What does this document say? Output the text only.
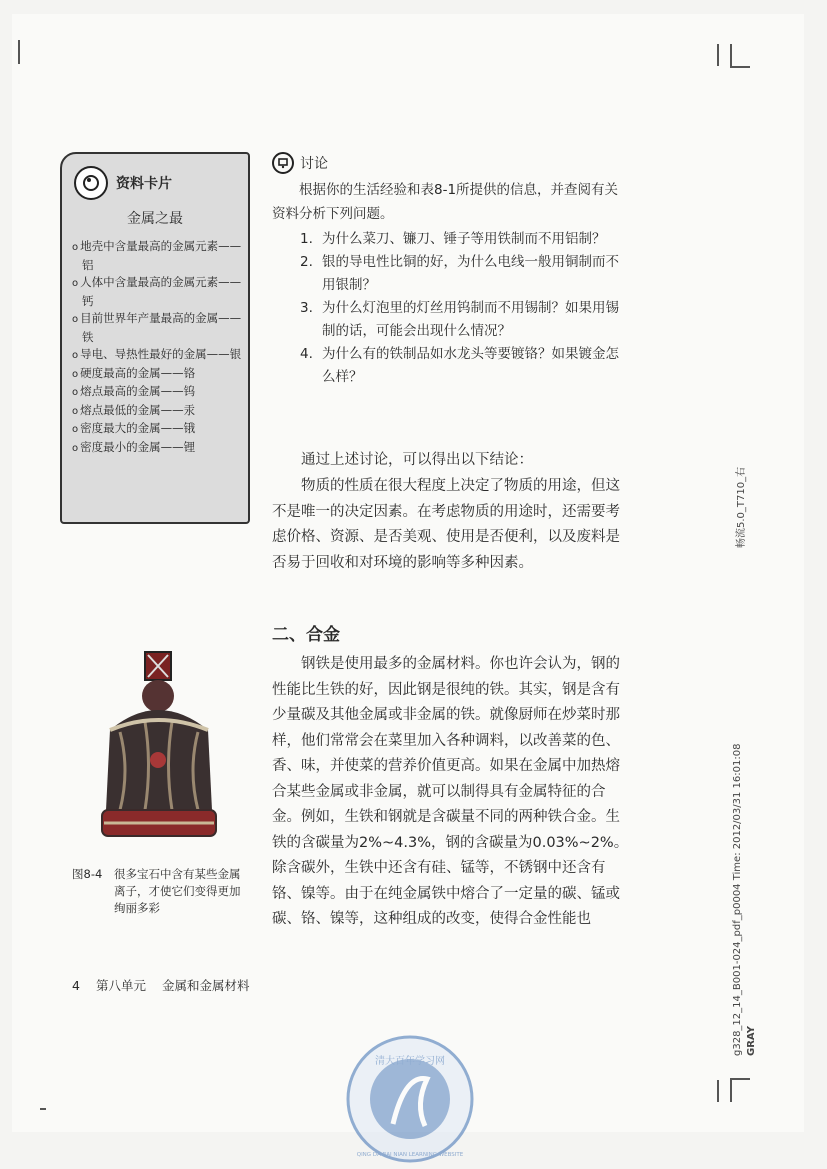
资料卡片
金属之最
o 地壳中含量最高的金属元素——铝
o 人体中含量最高的金属元素——钙
o 目前世界年产量最高的金属——铁
o 导电、导热性最好的金属——银
o 硬度最高的金属——铬
o 熔点最高的金属——钨
o 熔点最低的金属——汞
o 密度最大的金属——锇
o 密度最小的金属——锂
讨论

根据你的生活经验和表8-1所提供的信息，并查阅有关资料分析下列问题。

1. 为什么菜刀、镰刀、锤子等用铁制而不用铝制？
2. 银的导电性比铜的好，为什么电线一般用铜制而不用银制？
3. 为什么灯泡里的灯丝用钨制而不用锡制？如果用锡制的话，可能会出现什么情况？
4. 为什么有的铁制品如水龙头等要镀铬？如果镀金怎么样？

通过上述讨论，可以得出以下结论：

物质的性质在很大程度上决定了物质的用途，但这不是唯一的决定因素。在考虑物质的用途时，还需要考虑价格、资源、是否美观、使用是否便利，以及废料是否易于回收和对环境的影响等多种因素。

二、合金

钢铁是使用最多的金属材料。你也许会认为，钢的性能比生铁的好，因此钢是很纯的铁。其实，钢是含有少量碳及其他金属或非金属的铁。就像厨师在炒菜时那样，他们常常会在菜里加入各种调料，以改善菜的色、香、味，并使菜的营养价值更高。如果在金属中加热熔合某些金属或非金属，就可以制得具有金属特征的合金。例如，生铁和钢就是含碳量不同的两种铁合金。生铁的含碳量为2%~4.3%，钢的含碳量为0.03%~2%。除含碳外，生铁中还含有硅、锰等，不锈钢中还含有铬、镍等。由于在纯金属铁中熔合了一定量的碳、锰或碳、铬、镍等，这种组成的改变，使得合金性能也

图8-4 很多宝石中含有某些金属离子，才使它们变得更加绚丽多彩
4 第八单元 金属和金属材料
畅流5.0_T710_右
g328_12_14_B001-024_pdf_p0004 Time: 2012/03/31 16:01:08 GRAY
清大百年学习网
QING DA BAI NIAN LEARNING WEBSITE
